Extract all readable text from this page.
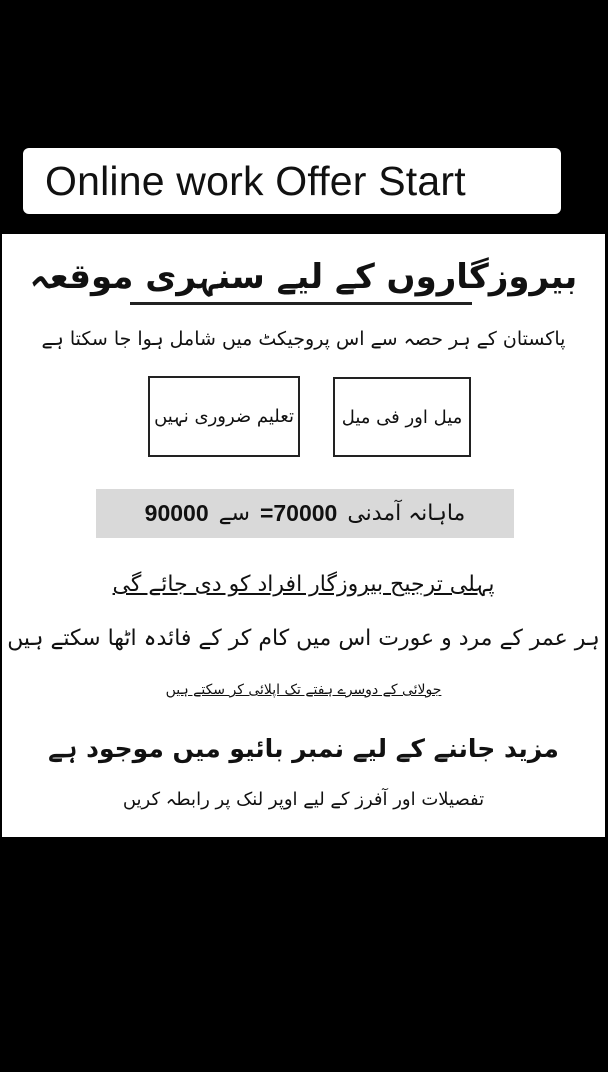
Online work Offer Start
بیروزگاروں کے لیے سنہری موقعہ
پاکستان کے ہر حصہ سے اس پروجیکٹ میں شامل ہوا جا سکتا ہے
میل اور فی میل
تعلیم ضروری نہیں
ماہانہ آمدنی
=70000
سے
90000
پہلی ترجیح بیروزگار افراد کو دی جائے گی
ہر عمر کے مرد و عورت اس میں کام کر کے فائدہ اٹھا سکتے ہیں
جولائی کے دوسرے ہفتے تک اپلائی کر سکتے ہیں
مزید جاننے کے لیے نمبر بائیو میں موجود ہے
تفصیلات اور آفرز کے لیے اوپر لنک پر رابطہ کریں
